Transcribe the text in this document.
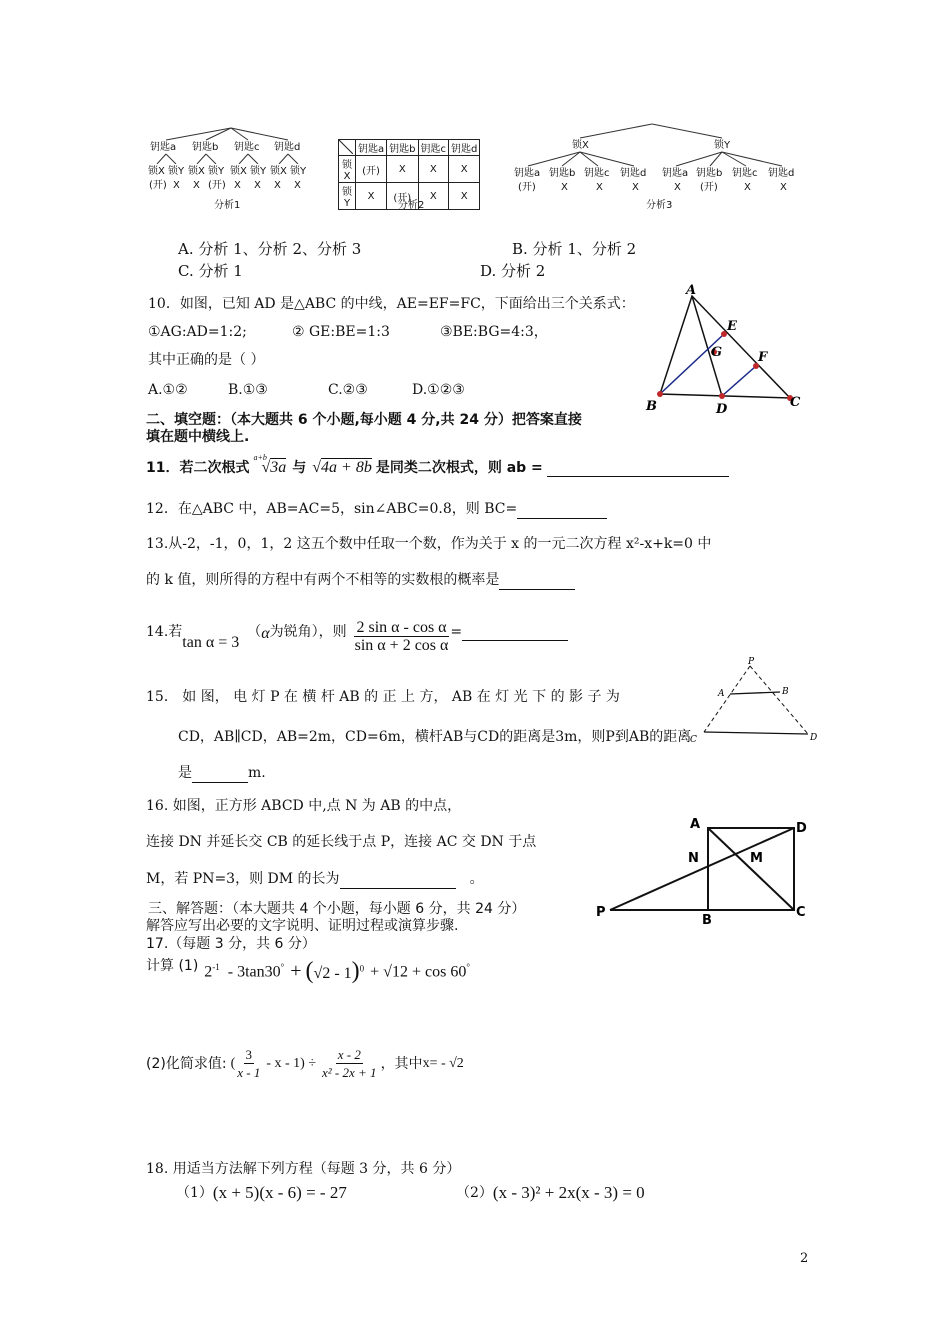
钥匙a 钥匙b 钥匙c 钥匙d
锁X 锁Y 锁X 锁Y 锁X 锁Y 锁X 锁Y
(开) X X (开) X X X X
分析1
	钥匙a	钥匙b	钥匙c	钥匙d
锁X	(开)	X	X	X
锁Y	X	(开)	X	X
分析2
锁X	锁Y
钥匙a 钥匙b 钥匙c 钥匙d 钥匙a 钥匙b 钥匙c 钥匙d
(开)	X	X	X	X (开)	X	X
分析3
A. 分析 1、分析 2、分析 3	B. 分析 1、分析 2
C. 分析 1	D. 分析 2
10．如图，已知 AD 是△ABC 的中线，AE=EF=FC，下面给出三个关系式：
①AG:AD=1:2;	② GE:BE=1:3	③BE:BG=4:3，
其中正确的是（ ）
A.①②	B.①③	C.②③	D.①②③
A
E
G	F
B	D	C
二、填空题：（本大题共 6 个小题,每小题 4 分,共 24 分）把答案直接
填在题中横线上.
11．若二次根式
a+b
√3a 与 √4a + 8b 是同类二次根式，则 ab =

12．在△ABC 中，AB=AC=5，sin∠ABC=0.8，则 BC=
13.从-2，-1，0，1，2 这五个数中任取一个数，作为关于 x 的一元二次方程 x²-x+k=0 中
的 k 值，则所得的方程中有两个不相等的实数根的概率是
14.若
tan α = 3
（ α 为锐角），则 $\frac{\text{2 sin α - cos α}}{\text{sin α + 2 cos α}}$ =

15． 如 图， 电 灯 P 在 横 杆 AB 的 正 上 方， AB 在 灯 光 下 的 影 子 为
CD，AB∥CD，AB=2m，CD=6m，横杆AB与CD的距离是3m，则P到AB的距离
是	m.
P
A	B
C	D
16. 如图，正方形 ABCD 中,点 N 为 AB 的中点，
连接 DN 并延长交 CB 的延长线于点 P，连接 AC 交 DN 于点
M，若 PN=3，则 DM 的长为	。
A	D
N	M
P
B
C
三、解答题：（本大题共 4 个小题，每小题 6 分，共 24 分）
解答应写出必要的文字说明、证明过程或演算步骤.
17.（每题 3 分，共 6 分）
计算 (1) $2^{-1} - 3\tan 30^\circ + (√2 - 1)^0 + √12 + \cos 60^\circ$
(2)化简求值: ( $\frac{3}{x - 1} - x - 1) \div \frac{x - 2}{\text{x² - 2x + 1}}$ ，其中 x= - √2
18. 用适当方法解下列方程（每题 3 分，共 6 分）
（1） (x + 5)(x - 6) = - 27	（2） (x - 3)² + 2x(x - 3) = 0
2
